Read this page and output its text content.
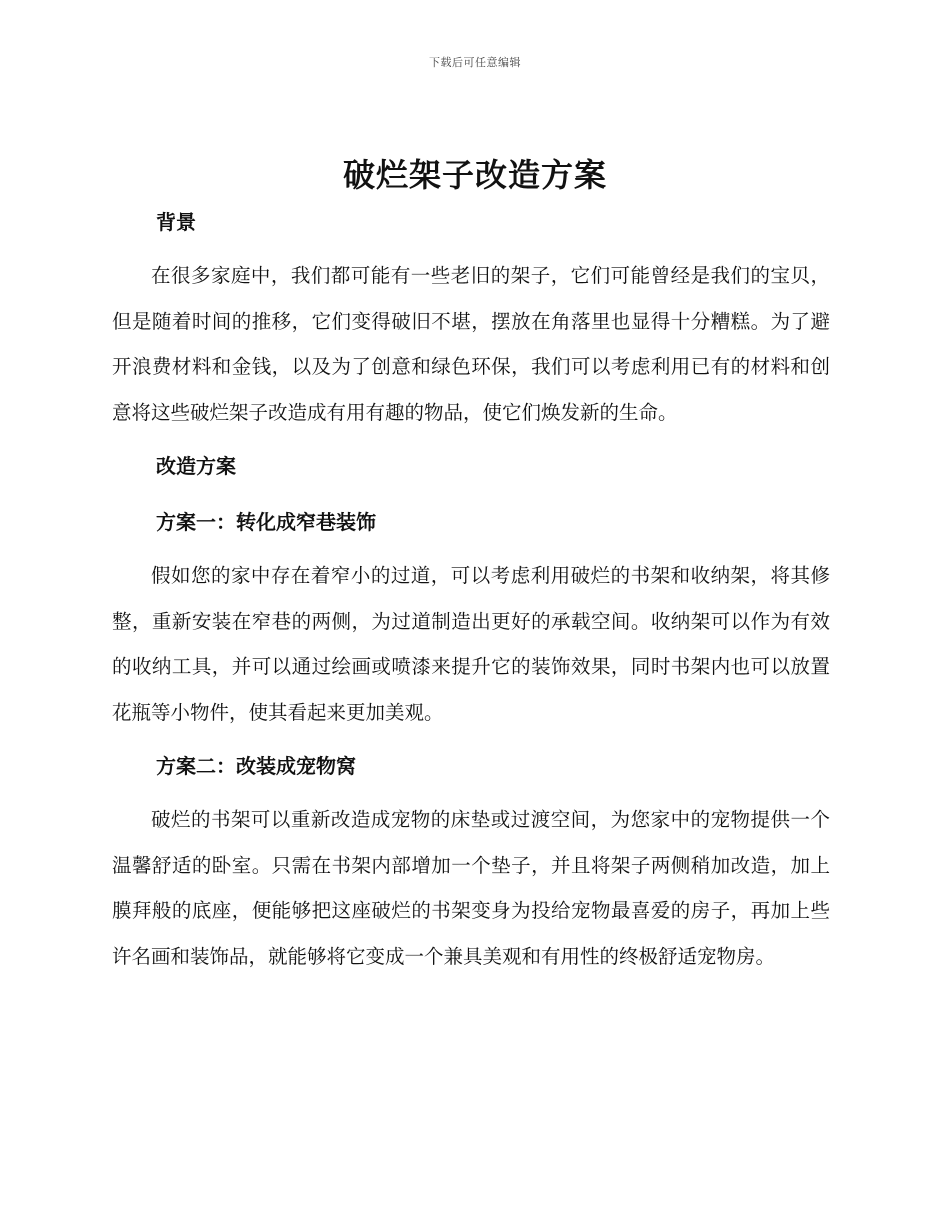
下载后可任意编辑
破烂架子改造方案
背景

在很多家庭中，我们都可能有一些老旧的架子，它们可能曾经是我们的宝贝，但是随着时间的推移，它们变得破旧不堪，摆放在角落里也显得十分糟糕。为了避开浪费材料和金钱，以及为了创意和绿色环保，我们可以考虑利用已有的材料和创意将这些破烂架子改造成有用有趣的物品，使它们焕发新的生命。

改造方案
方案一：转化成窄巷装饰

假如您的家中存在着窄小的过道，可以考虑利用破烂的书架和收纳架，将其修整，重新安装在窄巷的两侧，为过道制造出更好的承载空间。收纳架可以作为有效的收纳工具，并可以通过绘画或喷漆来提升它的装饰效果，同时书架内也可以放置花瓶等小物件，使其看起来更加美观。

方案二：改装成宠物窝

破烂的书架可以重新改造成宠物的床垫或过渡空间，为您家中的宠物提供一个温馨舒适的卧室。只需在书架内部增加一个垫子，并且将架子两侧稍加改造，加上膜拜般的底座，便能够把这座破烂的书架变身为投给宠物最喜爱的房子，再加上些许名画和装饰品，就能够将它变成一个兼具美观和有用性的终极舒适宠物房。
